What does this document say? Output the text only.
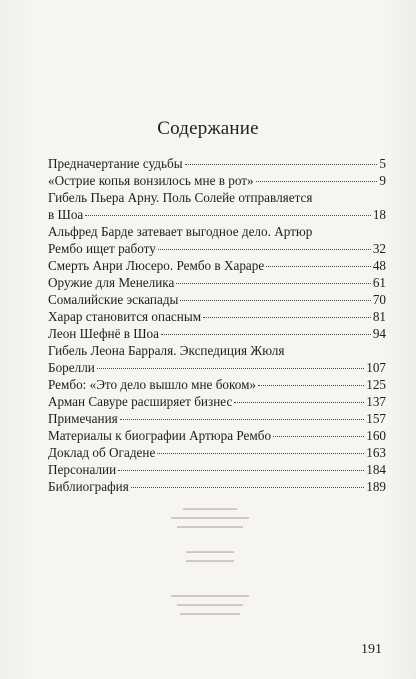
Содержание
Предначертание судьбы	5
«Острие копья вонзилось мне в рот»	9
Гибель Пьера Арну. Поль Солейе отправляется
в Шоа	18
Альфред Барде затевает выгодное дело. Артюр
Рембо ищет работу	32
Смерть Анри Люсеро. Рембо в Хараре	48
Оружие для Менелика	61
Сомалийские эскапады	70
Харар становится опасным	81
Леон Шефнё в Шоа	94
Гибель Леона Барраля. Экспедиция Жюля
Борелли	107
Рембо: «Это дело вышло мне боком»	125
Арман Савуре расширяет бизнес	137
Примечания	157
Материалы к биографии Артюра Рембо	160
Доклад об Огадене	163
Персоналии	184
Библиография	189
▬▬▬▬▬▬▬▬▬
▬▬▬▬▬▬▬▬▬▬▬▬▬
▬▬▬▬▬▬▬▬▬▬▬
▬▬▬▬▬▬▬▬
▬▬▬▬▬▬▬▬
▬▬▬▬▬▬▬▬▬▬▬▬▬
▬▬▬▬▬▬▬▬▬▬▬
▬▬▬▬▬▬▬▬▬▬
191
